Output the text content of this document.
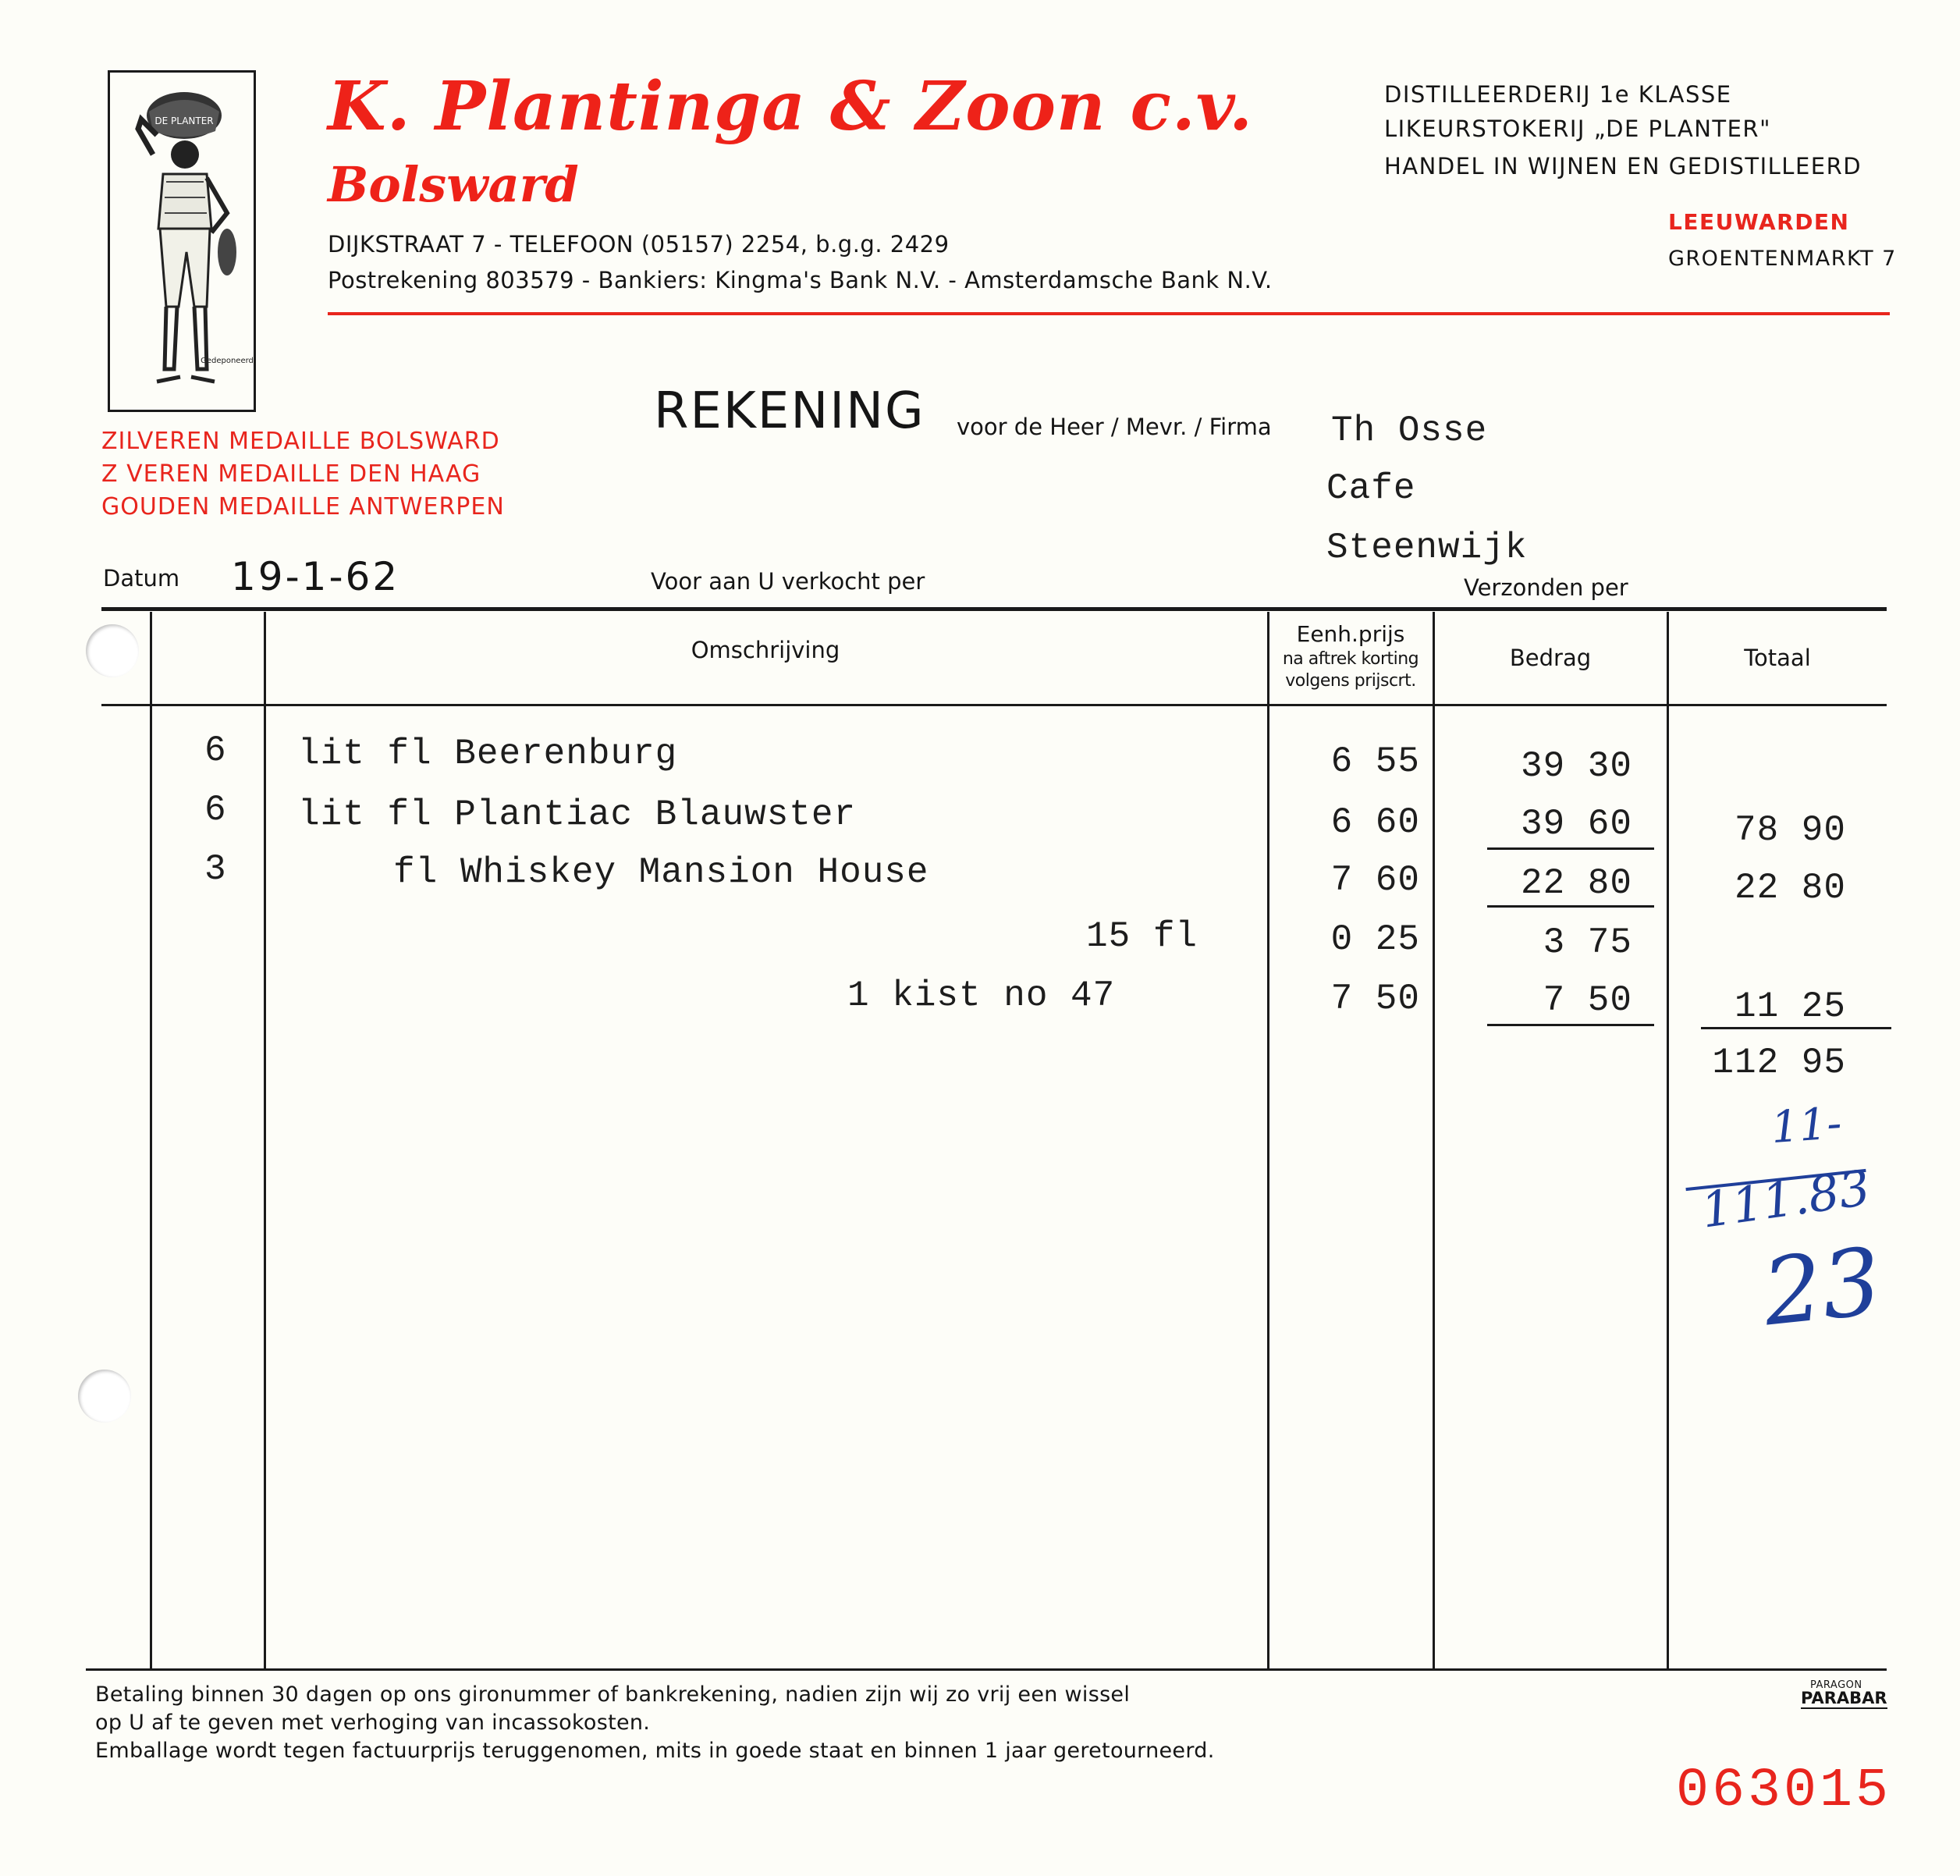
DE PLANTER
Gedeponeerd
K. Plantinga & Zoon c.v.
Bolsward
DIJKSTRAAT 7 - TELEFOON (05157) 2254, b.g.g. 2429
Postrekening 803579 - Bankiers: Kingma's Bank N.V. - Amsterdamsche Bank N.V.
DISTILLEERDERIJ 1e KLASSE
LIKEURSTOKERIJ „DE PLANTER"
HANDEL IN WIJNEN EN GEDISTILLEERD
LEEUWARDEN
GROENTENMARKT 7
ZILVEREN MEDAILLE BOLSWARD
Z VEREN MEDAILLE DEN HAAG
GOUDEN MEDAILLE ANTWERPEN
REKENING voor de Heer / Mevr. / Firma Th Osse
Cafe
Steenwijk
Datum 19-1-62	Voor aan U verkocht per	Verzonden per
Omschrijving
Eenh.prijs
na aftrek korting
volgens prijscrt.
Bedrag	Totaal
6 lit fl Beerenburg	6 55	39 30
6 lit fl Plantiac Blauwster	6 60	39 60	78 90
3	fl Whiskey Mansion House	7 60	22 80	22 80
15 fl	0 25	3 75
1 kist no 47	7 50	7 50	11 25
112 95
11-
111.83
23
Betaling binnen 30 dagen op ons gironummer of bankrekening, nadien zijn wij zo vrij een wissel
op U af te geven met verhoging van incassokosten.
Emballage wordt tegen factuurprijs teruggenomen, mits in goede staat en binnen 1 jaar geretourneerd.
PARAGON
PARABAR
063015
